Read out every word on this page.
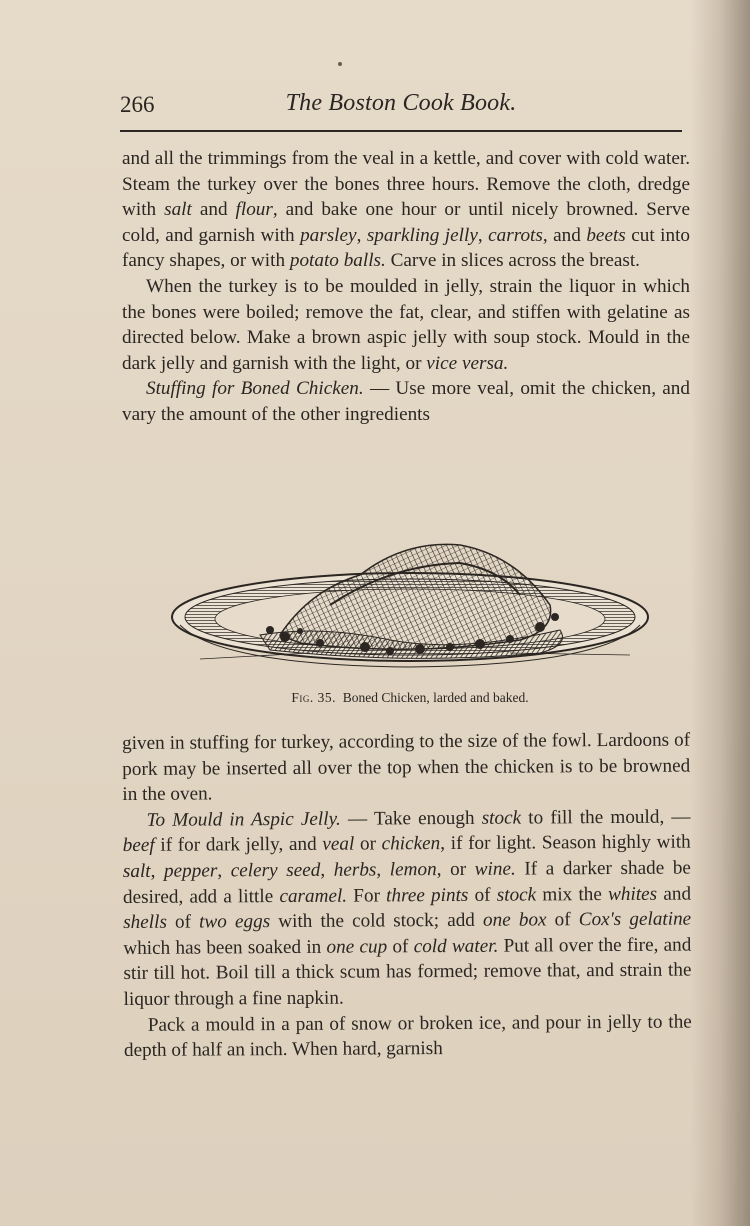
266	The Boston Cook Book.

and all the trimmings from the veal in a kettle, and cover with cold water. Steam the turkey over the bones three hours. Remove the cloth, dredge with salt and flour, and bake one hour or until nicely browned. Serve cold, and garnish with parsley, sparkling jelly, carrots, and beets cut into fancy shapes, or with potato balls. Carve in slices across the breast.

When the turkey is to be moulded in jelly, strain the liquor in which the bones were boiled; remove the fat, clear, and stiffen with gelatine as directed below. Make a brown aspic jelly with soup stock. Mould in the dark jelly and garnish with the light, or vice versa.

Stuffing for Boned Chicken. — Use more veal, omit the chicken, and vary the amount of the other ingredients

Fig. 35. Boned Chicken, larded and baked.

given in stuffing for turkey, according to the size of the fowl. Lardoons of pork may be inserted all over the top when the chicken is to be browned in the oven.

To Mould in Aspic Jelly. — Take enough stock to fill the mould, — beef if for dark jelly, and veal or chicken, if for light. Season highly with salt, pepper, celery seed, herbs, lemon, or wine. If a darker shade be desired, add a little caramel. For three pints of stock mix the whites and shells of two eggs with the cold stock; add one box of Cox's gelatine which has been soaked in one cup of cold water. Put all over the fire, and stir till hot. Boil till a thick scum has formed; remove that, and strain the liquor through a fine napkin.

Pack a mould in a pan of snow or broken ice, and pour in jelly to the depth of half an inch. When hard, garnish
